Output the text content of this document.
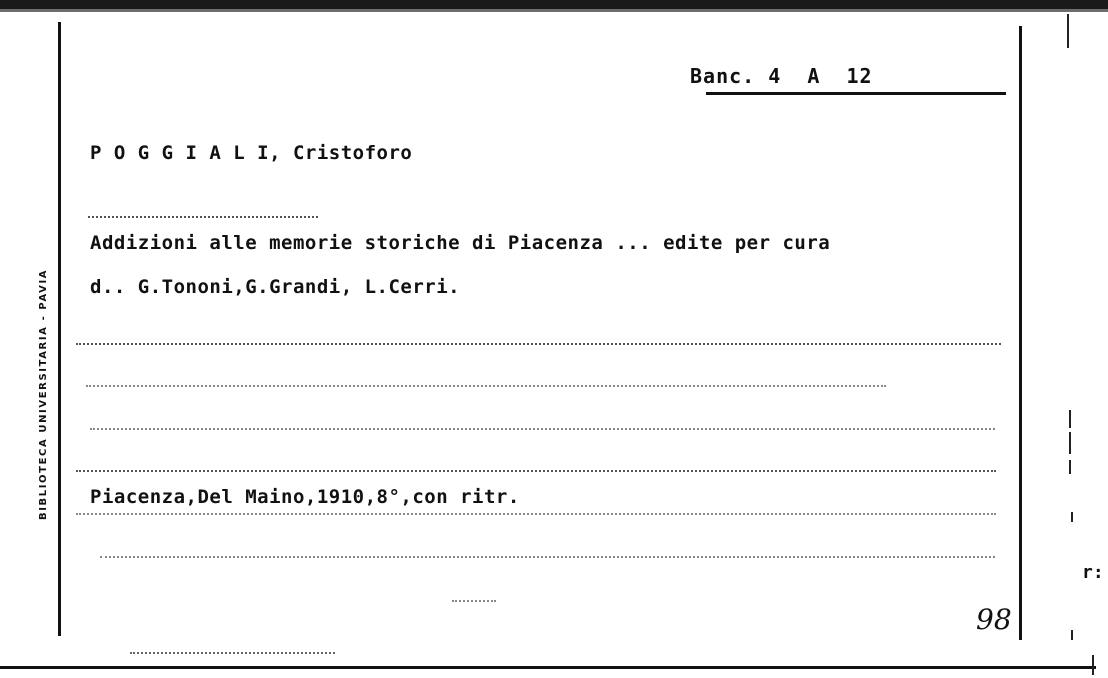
BIBLIOTECA UNIVERSITARIA - PAVIA
Banc. 4  A  12
P O G G I A L I, Cristoforo
Addizioni alle memorie storiche di Piacenza ... edite per cura
d.. G.Tononi,G.Grandi, L.Cerri.
Piacenza,Del Maino,1910,8°,con ritr.
98
r:
